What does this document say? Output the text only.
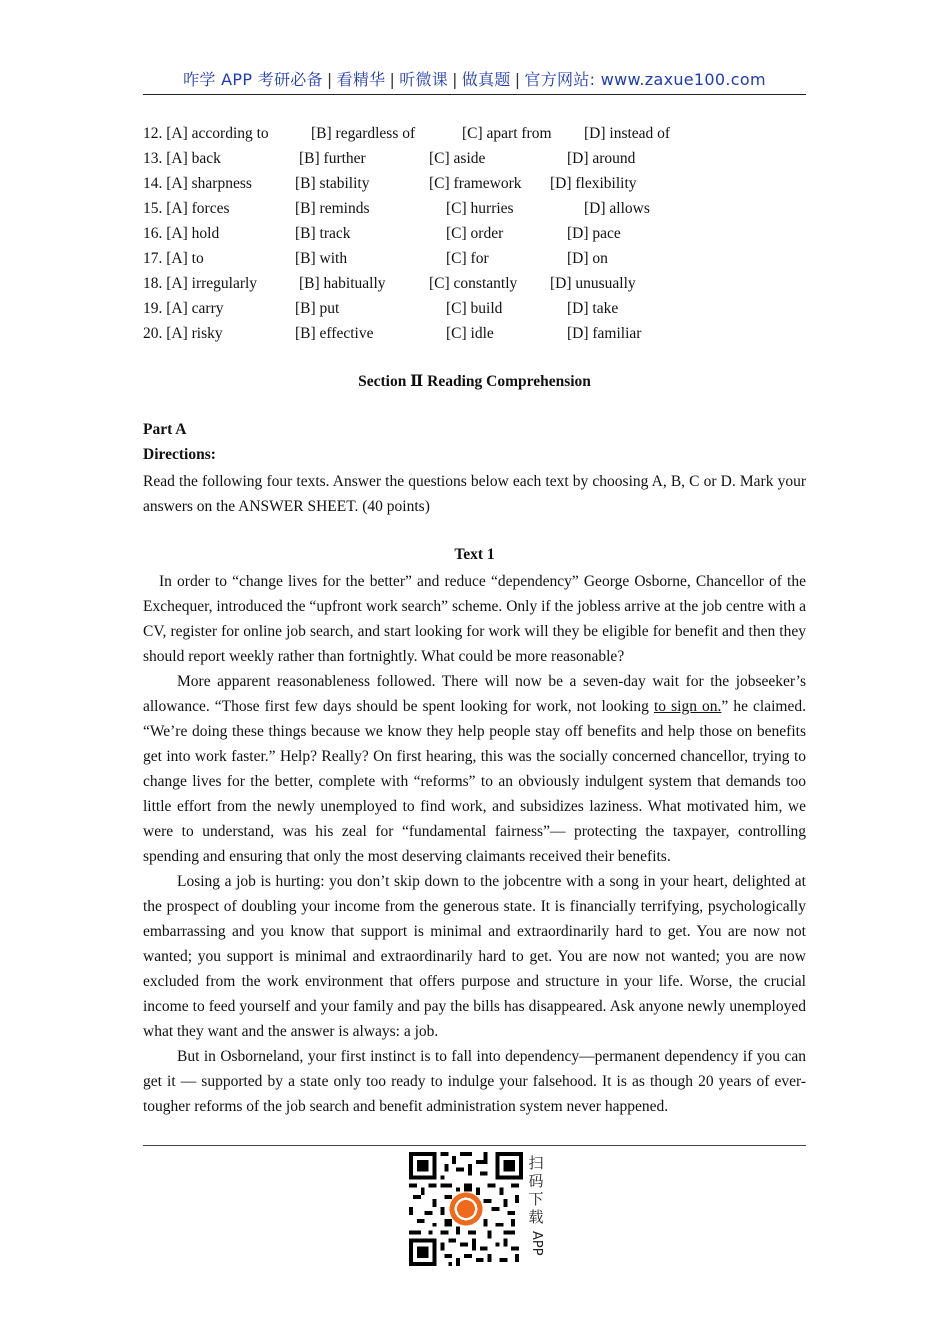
咋学 APP 考研必备 | 看精华 | 听微课 | 做真题 | 官方网站: www.zaxue100.com
12. [A] according to	[B] regardless of	[C] apart from [D] instead of
13. [A] back	[B] further	[C] aside	[D] around
14. [A] sharpness	[B] stability	[C] framework [D] flexibility
15. [A] forces	[B] reminds	[C] hurries	[D] allows
16. [A] hold	[B] track	[C] order	[D] pace
17. [A] to	[B] with	[C] for	[D] on
18. [A] irregularly	[B] habitually	[C] constantly [D] unusually
19. [A] carry	[B] put	[C] build	[D] take
20. [A] risky	[B] effective	[C] idle	[D] familiar
Section Ⅱ Reading Comprehension
Part A
Directions:
Read the following four texts. Answer the questions below each text by choosing A, B, C or D. Mark your answers on the ANSWER SHEET. (40 points)
Text 1

In order to “change lives for the better” and reduce “dependency” George Osborne, Chancellor of the Exchequer, introduced the “upfront work search” scheme. Only if the jobless arrive at the job centre with a CV, register for online job search, and start looking for work will they be eligible for benefit and then they should report weekly rather than fortnightly. What could be more reasonable?

More apparent reasonableness followed. There will now be a seven-day wait for the jobseeker’s allowance. “Those first few days should be spent looking for work, not looking to sign on.” he claimed. “We’re doing these things because we know they help people stay off benefits and help those on benefits get into work faster.” Help? Really? On first hearing, this was the socially concerned chancellor, trying to change lives for the better, complete with “reforms” to an obviously indulgent system that demands too little effort from the newly unemployed to find work, and subsidizes laziness. What motivated him, we were to understand, was his zeal for “fundamental fairness”— protecting the taxpayer, controlling spending and ensuring that only the most deserving claimants received their benefits.

Losing a job is hurting: you don’t skip down to the jobcentre with a song in your heart, delighted at the prospect of doubling your income from the generous state. It is financially terrifying, psychologically embarrassing and you know that support is minimal and extraordinarily hard to get. You are now not wanted; you support is minimal and extraordinarily hard to get. You are now not wanted; you are now excluded from the work environment that offers purpose and structure in your life. Worse, the crucial income to feed yourself and your family and pay the bills has disappeared. Ask anyone newly unemployed what they want and the answer is always: a job.

But in Osborneland, your first instinct is to fall into dependency—permanent dependency if you can get it — supported by a state only too ready to indulge your falsehood. It is as though 20 years of ever-tougher reforms of the job search and benefit administration system never happened.

扫
码
下
载
APP
